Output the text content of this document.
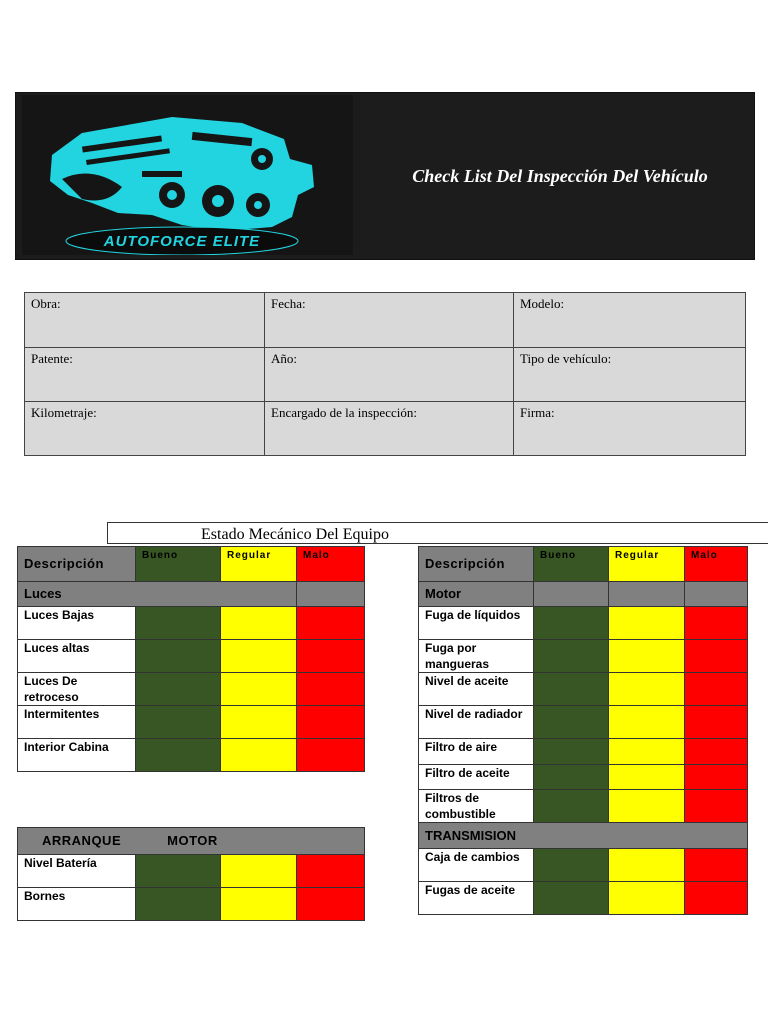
AUTOFORCE ELITE
Check List Del Inspección Del Vehículo
Obra:	Fecha:	Modelo:
Patente:	Año:	Tipo de vehículo:
Kilometraje:	Encargado de la inspección:	Firma:
Estado Mecánico Del Equipo
Descripción	Bueno	Regular	Malo
Luces			
Luces Bajas			
Luces altas			
Luces De retroceso			
Intermitentes			
Interior Cabina			
ARRANQUE MOTOR			
Nivel Batería			
Bornes			
Descripción	Bueno	Regular	Malo
Motor			
Fuga de líquidos			
Fuga por mangueras			
Nivel de aceite			
Nivel de radiador			
Filtro de aire			
Filtro de aceite			
Filtros de combustible			
TRANSMISION			
Caja de cambios			
Fugas de aceite			
